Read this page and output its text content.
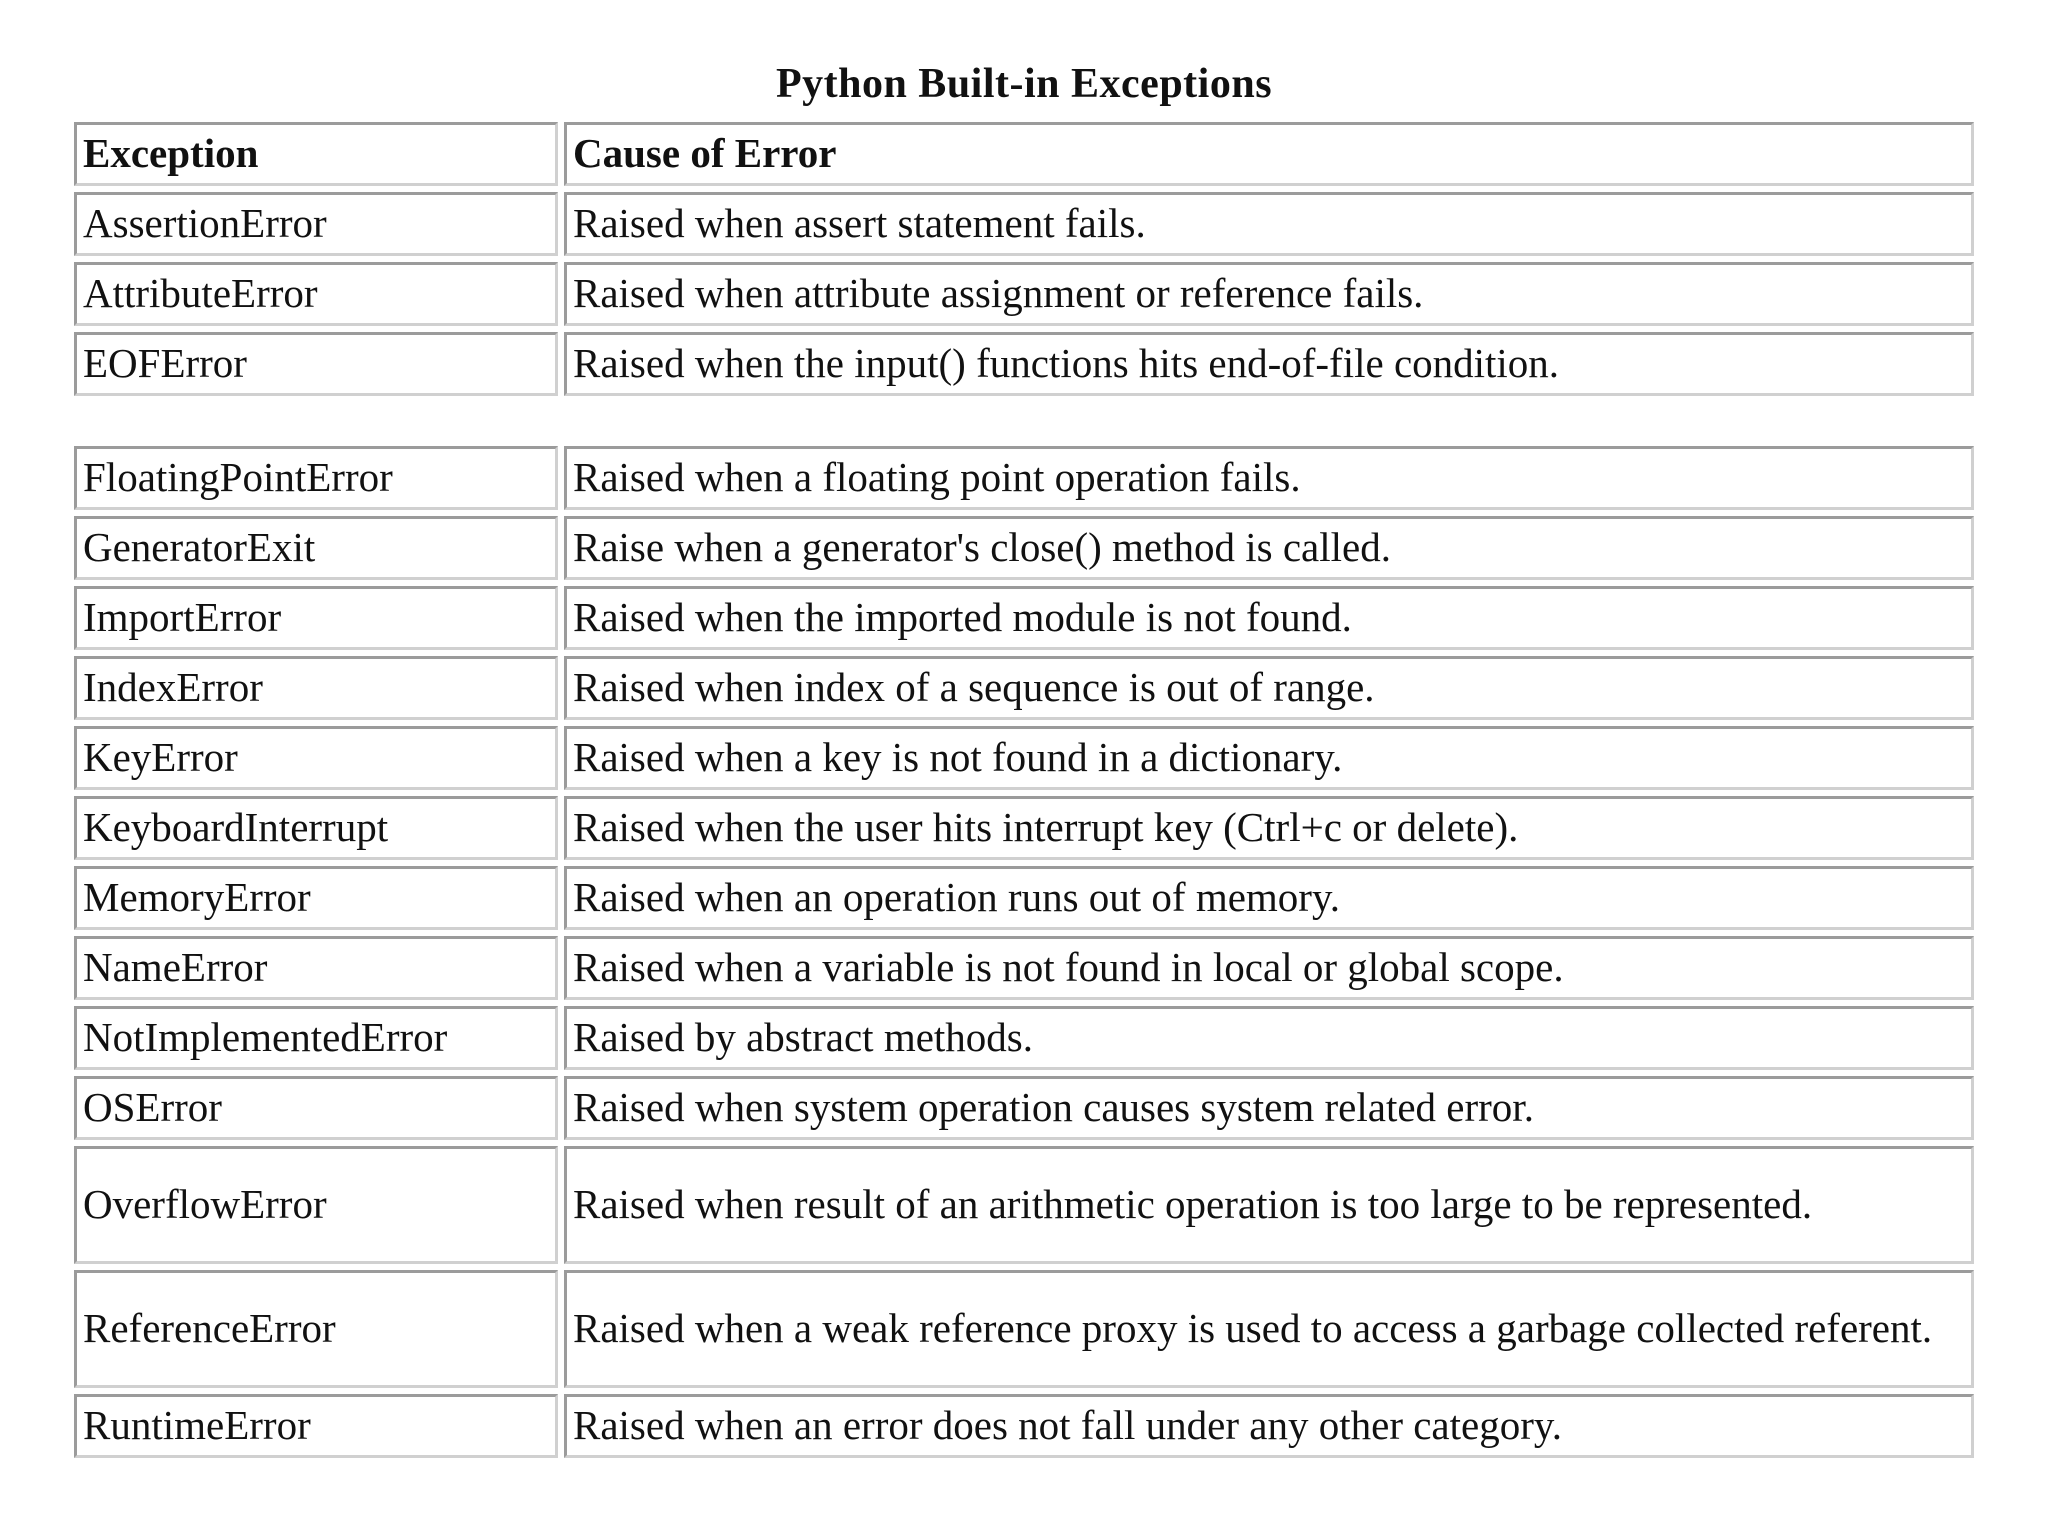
Python Built-in Exceptions
Exception	Cause of Error
AssertionError	Raised when assert statement fails.
AttributeError	Raised when attribute assignment or reference fails.
EOFError	Raised when the input() functions hits end-of-file condition.
FloatingPointError	Raised when a floating point operation fails.
GeneratorExit	Raise when a generator's close() method is called.
ImportError	Raised when the imported module is not found.
IndexError	Raised when index of a sequence is out of range.
KeyError	Raised when a key is not found in a dictionary.
KeyboardInterrupt	Raised when the user hits interrupt key (Ctrl+c or delete).
MemoryError	Raised when an operation runs out of memory.
NameError	Raised when a variable is not found in local or global scope.
NotImplementedError	Raised by abstract methods.
OSError	Raised when system operation causes system related error.
OverflowError	Raised when result of an arithmetic operation is too large to be represented.
ReferenceError	Raised when a weak reference proxy is used to access a garbage collected referent.
RuntimeError	Raised when an error does not fall under any other category.
